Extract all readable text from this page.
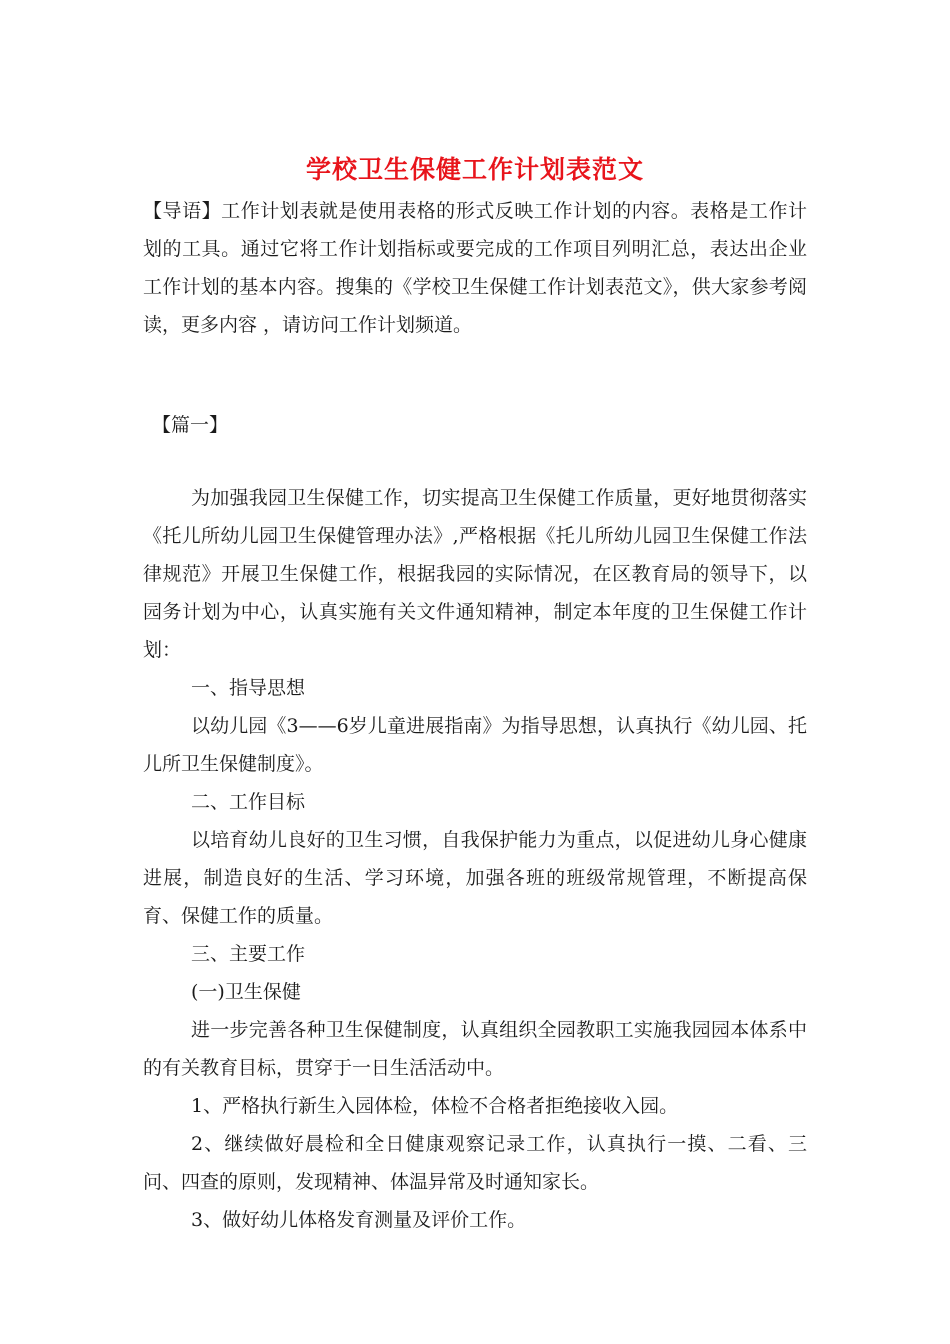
学校卫生保健工作计划表范文
【导语】工作计划表就是使用表格的形式反映工作计划的内容。表格是工作计划的工具。通过它将工作计划指标或要完成的工作项目列明汇总，表达出企业工作计划的基本内容。搜集的《学校卫生保健工作计划表范文》，供大家参考阅读，更多内容 ，请访问工作计划频道。
【篇一】
为加强我园卫生保健工作，切实提高卫生保健工作质量，更好地贯彻落实《托儿所幼儿园卫生保健管理办法》,严格根据《托儿所幼儿园卫生保健工作法律规范》开展卫生保健工作，根据我园的实际情况，在区教育局的领导下，以园务计划为中心，认真实施有关文件通知精神，制定本年度的卫生保健工作计划：
一、指导思想
以幼儿园《3——6岁儿童进展指南》为指导思想，认真执行《幼儿园、托儿所卫生保健制度》。
二、工作目标
以培育幼儿良好的卫生习惯，自我保护能力为重点，以促进幼儿身心健康进展，制造良好的生活、学习环境，加强各班的班级常规管理，不断提高保育、保健工作的质量。
三、主要工作
(一)卫生保健
进一步完善各种卫生保健制度，认真组织全园教职工实施我园园本体系中的有关教育目标，贯穿于一日生活活动中。
1、严格执行新生入园体检，体检不合格者拒绝接收入园。
2、继续做好晨检和全日健康观察记录工作，认真执行一摸、二看、三问、四查的原则，发现精神、体温异常及时通知家长。
3、做好幼儿体格发育测量及评价工作。
